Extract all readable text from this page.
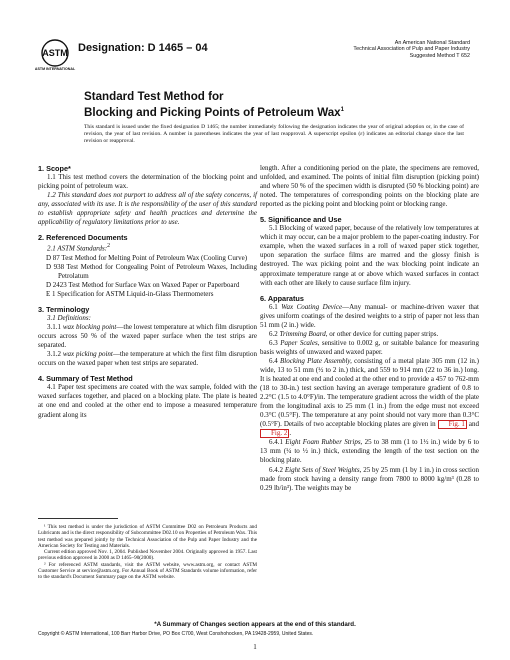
ASTM
ASTM INTERNATIONAL
Designation: D 1465 – 04	An American National Standard
Technical Association of Pulp and Paper Industry
Suggested Method T 652
Standard Test Method for
Blocking and Picking Points of Petroleum Wax$^1$
This standard is issued under the fixed designation D 1465; the number immediately following the designation indicates the year of original adoption or, in the case of revision, the year of last revision. A number in parentheses indicates the year of last reapproval. A superscript epsilon (ε) indicates an editorial change since the last revision or reapproval.
1. Scope*

1.1 This test method covers the determination of the blocking point and picking point of petroleum wax.

1.2 This standard does not purport to address all of the safety concerns, if any, associated with its use. It is the responsibility of the user of this standard to establish appropriate safety and health practices and determine the applicability of regulatory limitations prior to use.

2. Referenced Documents

2.1 ASTM Standards:$^2$

D 87 Test Method for Melting Point of Petroleum Wax (Cooling Curve)

D 938 Test Method for Congealing Point of Petroleum Waxes, Including Petrolatum

D 2423 Test Method for Surface Wax on Waxed Paper or Paperboard

E 1 Specification for ASTM Liquid-in-Glass Thermometers

3. Terminology

3.1 Definitions:

3.1.1 wax blocking point—the lowest temperature at which film disruption occurs across 50 % of the waxed paper surface when the test strips are separated.

3.1.2 wax picking point—the temperature at which the first film disruption occurs on the waxed paper when test strips are separated.

4. Summary of Test Method

4.1 Paper test specimens are coated with the wax sample, folded with the waxed surfaces together, and placed on a blocking plate. The plate is heated at one end and cooled at the other end to impose a measured temperature gradient along its

¹ This test method is under the jurisdiction of ASTM Committee D02 on Petroleum Products and Lubricants and is the direct responsibility of Subcommittee D02.10 on Properties of Petroleum Wax. This test method was prepared jointly by the Technical Association of the Pulp and Paper Industry and the American Society for Testing and Materials.

Current edition approved Nov. 1, 2004. Published November 2004. Originally approved in 1957. Last previous edition approved in 2000 as D 1465–90(2000).

² For referenced ASTM standards, visit the ASTM website, www.astm.org, or contact ASTM Customer Service at service@astm.org. For Annual Book of ASTM Standards volume information, refer to the standard's Document Summary page on the ASTM website.

length. After a conditioning period on the plate, the specimens are removed, unfolded, and examined. The points of initial film disruption (picking point) and where 50 % of the specimen width is disrupted (50 % blocking point) are noted. The temperatures of corresponding points on the blocking plate are reported as the picking point and blocking point or blocking range.

5. Significance and Use

5.1 Blocking of waxed paper, because of the relatively low temperatures at which it may occur, can be a major problem to the paper-coating industry. For example, when the waxed surfaces in a roll of waxed paper stick together, upon separation the surface films are marred and the glossy finish is destroyed. The wax picking point and the wax blocking point indicate an approximate temperature range at or above which waxed surfaces in contact with each other are likely to cause surface film injury.

6. Apparatus

6.1 Wax Coating Device—Any manual- or machine-driven waxer that gives uniform coatings of the desired weights to a strip of paper not less than 51 mm (2 in.) wide.

6.2 Trimming Board, or other device for cutting paper strips.

6.3 Paper Scales, sensitive to 0.002 g, or suitable balance for measuring basis weights of unwaxed and waxed paper.

6.4 Blocking Plate Assembly, consisting of a metal plate 305 mm (12 in.) wide, 13 to 51 mm (½ to 2 in.) thick, and 559 to 914 mm (22 to 36 in.) long. It is heated at one end and cooled at the other end to provide a 457 to 762-mm (18 to 30-in.) test section having an average temperature gradient of 0.8 to 2.2°C (1.5 to 4.0°F)/in. The temperature gradient across the width of the plate from the longitudinal axis to 25 mm (1 in.) from the edge must not exceed 0.3°C (0.5°F). The temperature at any point should not vary more than 0.3°C (0.5°F). Details of two acceptable blocking plates are given in Fig. 1 and Fig. 2 .

6.4.1 Eight Foam Rubber Strips, 25 to 38 mm (1 to 1½ in.) wide by 6 to 13 mm (¼ to ½ in.) thick, extending the length of the test section on the blocking plate.

6.4.2 Eight Sets of Steel Weights, 25 by 25 mm (1 by 1 in.) in cross section made from stock having a density range from 7800 to 8000 kg/m³ (0.28 to 0.29 lb/in³). The weights may be

*A Summary of Changes section appears at the end of this standard.
Copyright © ASTM International, 100 Barr Harbor Drive, PO Box C700, West Conshohocken, PA 19428-2959, United States.
1
